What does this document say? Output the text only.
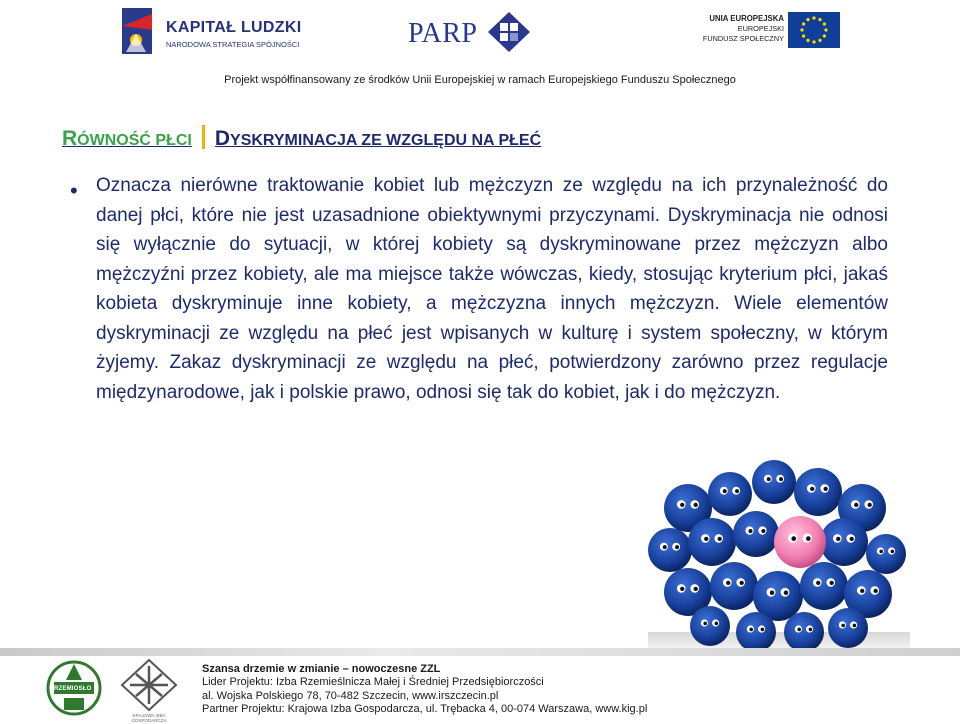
KAPITAŁ LUDZKI
NARODOWA STRATEGIA SPÓJNOŚCI	PARP	UNIA EUROPEJSKA
EUROPEJSKI
FUNDUSZ SPOŁECZNY
Projekt współfinansowany ze środków Unii Europejskiej w ramach Europejskiego Funduszu Społecznego
RÓWNOŚĆ PŁCI DYSKRYMINACJA ZE WZGLĘDU NA PŁEĆ
• Oznacza nierówne traktowanie kobiet lub mężczyzn ze względu na ich przynależność do danej płci, które nie jest uzasadnione obiektywnymi przyczynami. Dyskryminacja nie odnosi się wyłącznie do sytuacji, w której kobiety są dyskryminowane przez mężczyzn albo mężczyźni przez kobiety, ale ma miejsce także wówczas, kiedy, stosując kryterium płci, jakaś kobieta dyskryminuje inne kobiety, a mężczyzna innych mężczyzn. Wiele elementów dyskryminacji ze względu na płeć jest wpisanych w kulturę i system społeczny, w którym żyjemy. Zakaz dyskryminacji ze względu na płeć, potwierdzony zarówno przez regulacje międzynarodowe, jak i polskie prawo, odnosi się tak do kobiet, jak i do mężczyzn.
RZEMIOSŁO
KRAJOWA IZBA GOSPODARCZA
Szansa drzemie w zmianie – nowoczesne ZZL
Lider Projektu: Izba Rzemieślnicza Małej i Średniej Przedsiębiorczości
al. Wojska Polskiego 78, 70-482 Szczecin, www.irszczecin.pl
Partner Projektu: Krajowa Izba Gospodarcza, ul. Trębacka 4, 00-074 Warszawa, www.kig.pl
